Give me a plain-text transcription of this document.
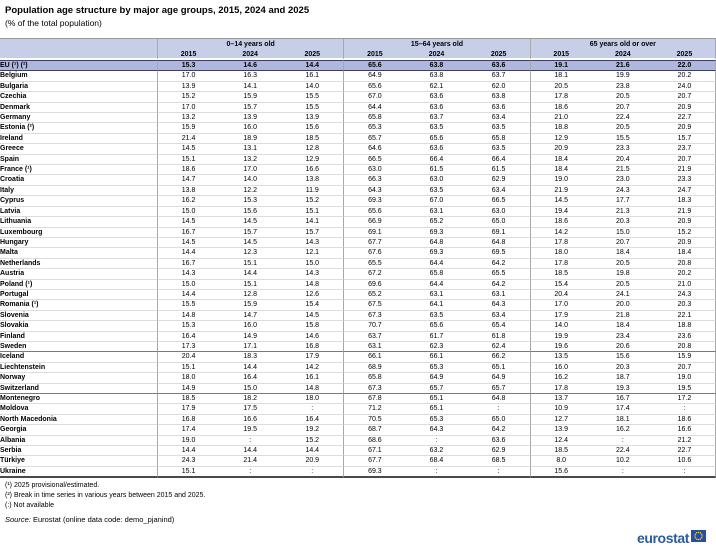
Population age structure by major age groups, 2015, 2024 and 2025
(% of the total population)
	0–14 years old			15–64 years old			65 years old or over		
	2015	2024	2025	2015	2024	2025	2015	2024	2025
EU (¹) (²)	15.3	14.6	14.4	65.6	63.8	63.6	19.1	21.6	22.0
Belgium	17.0	16.3	16.1	64.9	63.8	63.7	18.1	19.9	20.2
Bulgaria	13.9	14.1	14.0	65.6	62.1	62.0	20.5	23.8	24.0
Czechia	15.2	15.9	15.5	67.0	63.6	63.8	17.8	20.5	20.7
Denmark	17.0	15.7	15.5	64.4	63.6	63.6	18.6	20.7	20.9
Germany	13.2	13.9	13.9	65.8	63.7	63.4	21.0	22.4	22.7
Estonia (²)	15.9	16.0	15.6	65.3	63.5	63.5	18.8	20.5	20.9
Ireland	21.4	18.9	18.5	65.7	65.6	65.8	12.9	15.5	15.7
Greece	14.5	13.1	12.8	64.6	63.6	63.5	20.9	23.3	23.7
Spain	15.1	13.2	12.9	66.5	66.4	66.4	18.4	20.4	20.7
France (¹)	18.6	17.0	16.6	63.0	61.5	61.5	18.4	21.5	21.9
Croatia	14.7	14.0	13.8	66.3	63.0	62.9	19.0	23.0	23.3
Italy	13.8	12.2	11.9	64.3	63.5	63.4	21.9	24.3	24.7
Cyprus	16.2	15.3	15.2	69.3	67.0	66.5	14.5	17.7	18.3
Latvia	15.0	15.6	15.1	65.6	63.1	63.0	19.4	21.3	21.9
Lithuania	14.5	14.5	14.1	66.9	65.2	65.0	18.6	20.3	20.9
Luxembourg	16.7	15.7	15.7	69.1	69.3	69.1	14.2	15.0	15.2
Hungary	14.5	14.5	14.3	67.7	64.8	64.8	17.8	20.7	20.9
Malta	14.4	12.3	12.1	67.6	69.3	69.5	18.0	18.4	18.4
Netherlands	16.7	15.1	15.0	65.5	64.4	64.2	17.8	20.5	20.8
Austria	14.3	14.4	14.3	67.2	65.8	65.5	18.5	19.8	20.2
Poland (¹)	15.0	15.1	14.8	69.6	64.4	64.2	15.4	20.5	21.0
Portugal	14.4	12.8	12.6	65.2	63.1	63.1	20.4	24.1	24.3
Romania (¹)	15.5	15.9	15.4	67.5	64.1	64.3	17.0	20.0	20.3
Slovenia	14.8	14.7	14.5	67.3	63.5	63.4	17.9	21.8	22.1
Slovakia	15.3	16.0	15.8	70.7	65.6	65.4	14.0	18.4	18.8
Finland	16.4	14.9	14.6	63.7	61.7	61.8	19.9	23.4	23.6
Sweden	17.3	17.1	16.8	63.1	62.3	62.4	19.6	20.6	20.8
Iceland	20.4	18.3	17.9	66.1	66.1	66.2	13.5	15.6	15.9
Liechtenstein	15.1	14.4	14.2	68.9	65.3	65.1	16.0	20.3	20.7
Norway	18.0	16.4	16.1	65.8	64.9	64.9	16.2	18.7	19.0
Switzerland	14.9	15.0	14.8	67.3	65.7	65.7	17.8	19.3	19.5
Montenegro	18.5	18.2	18.0	67.8	65.1	64.8	13.7	16.7	17.2
Moldova	17.9	17.5	:	71.2	65.1	:	10.9	17.4	:
North Macedonia	16.8	16.6	16.4	70.5	65.3	65.0	12.7	18.1	18.6
Georgia	17.4	19.5	19.2	68.7	64.3	64.2	13.9	16.2	16.6
Albania	19.0	:	15.2	68.6	:	63.6	12.4	:	21.2
Serbia	14.4	14.4	14.4	67.1	63.2	62.9	18.5	22.4	22.7
Türkiye	24.3	21.4	20.9	67.7	68.4	68.5	8.0	10.2	10.6
Ukraine	15.1	:	:	69.3	:	:	15.6	:	:
(¹) 2025 provisional/estimated.
(²) Break in time series in various years between 2015 and 2025.
(:) Not available
Source: Eurostat (online data code: demo_pjanind)
eurostat
